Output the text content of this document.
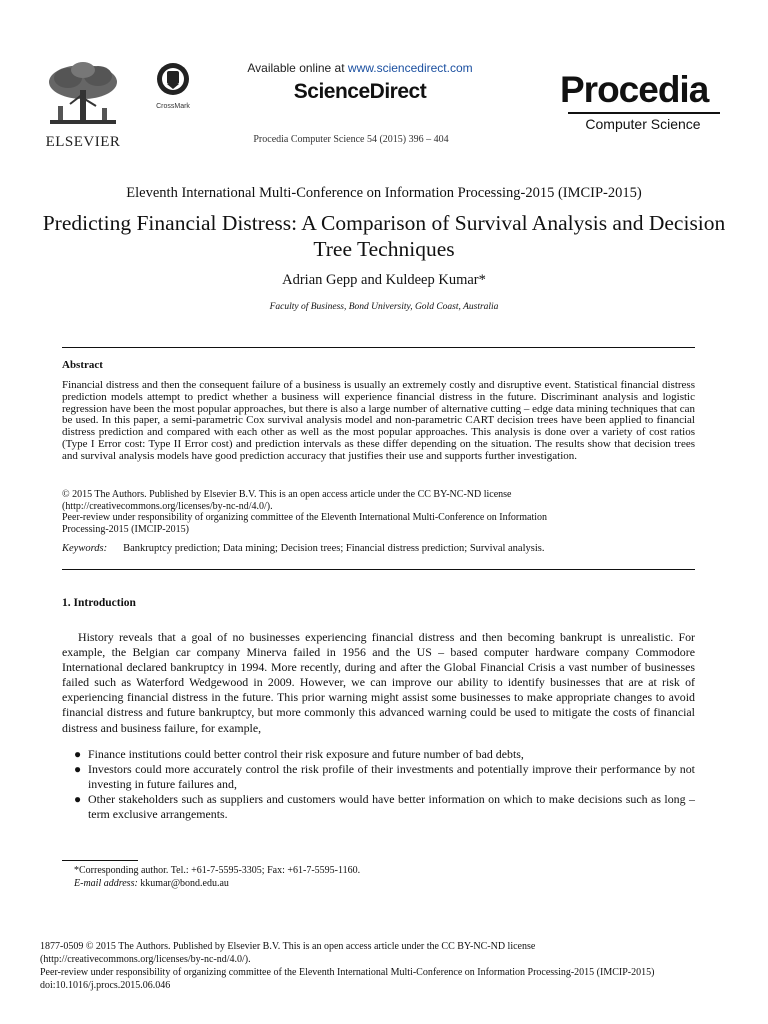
ELSEVIER
CrossMark
Available online at www.sciencedirect.com
ScienceDirect
Procedia Computer Science 54 (2015) 396 – 404
Procedia
Computer Science
Eleventh International Multi-Conference on Information Processing-2015 (IMCIP-2015)
Predicting Financial Distress: A Comparison of Survival Analysis and Decision Tree Techniques
Adrian Gepp and Kuldeep Kumar*
Faculty of Business, Bond University, Gold Coast, Australia
Abstract
Financial distress and then the consequent failure of a business is usually an extremely costly and disruptive event. Statistical financial distress prediction models attempt to predict whether a business will experience financial distress in the future. Discriminant analysis and logistic regression have been the most popular approaches, but there is also a large number of alternative cutting – edge data mining techniques that can be used. In this paper, a semi-parametric Cox survival analysis model and non-parametric CART decision trees have been applied to financial distress prediction and compared with each other as well as the most popular approaches. This analysis is done over a variety of cost ratios (Type I Error cost: Type II Error cost) and prediction intervals as these differ depending on the situation. The results show that decision trees and survival analysis models have good prediction accuracy that justifies their use and supports further investigation.
© 2015 The Authors. Published by Elsevier B.V. This is an open access article under the CC BY-NC-ND license
(http://creativecommons.org/licenses/by-nc-nd/4.0/).
Peer-review under responsibility of organizing committee of the Eleventh International Multi-Conference on Information
Processing-2015 (IMCIP-2015)
Keywords: Bankruptcy prediction; Data mining; Decision trees; Financial distress prediction; Survival analysis.
1. Introduction

History reveals that a goal of no businesses experiencing financial distress and then becoming bankrupt is unrealistic. For example, the Belgian car company Minerva failed in 1956 and the US – based computer hardware company Commodore International declared bankruptcy in 1994. More recently, during and after the Global Financial Crisis a vast number of businesses failed such as Waterford Wedgewood in 2009. However, we can improve our ability to identify businesses that are at risk of experiencing financial distress in the future. This prior warning might assist some businesses to make appropriate changes to avoid financial distress and future bankruptcy, but more commonly this advanced warning could be used to mitigate the costs of financial distress and business failure, for example,

● Finance institutions could better control their risk exposure and future number of bad debts,
● Investors could more accurately control the risk profile of their investments and potentially improve their performance by not investing in future failures and,
● Other stakeholders such as suppliers and customers would have better information on which to make decisions such as long – term exclusive arrangements.
*Corresponding author. Tel.: +61-7-5595-3305; Fax: +61-7-5595-1160.
E-mail address: kkumar@bond.edu.au
1877-0509 © 2015 The Authors. Published by Elsevier B.V. This is an open access article under the CC BY-NC-ND license
(http://creativecommons.org/licenses/by-nc-nd/4.0/).
Peer-review under responsibility of organizing committee of the Eleventh International Multi-Conference on Information Processing-2015 (IMCIP-2015)
doi:10.1016/j.procs.2015.06.046
